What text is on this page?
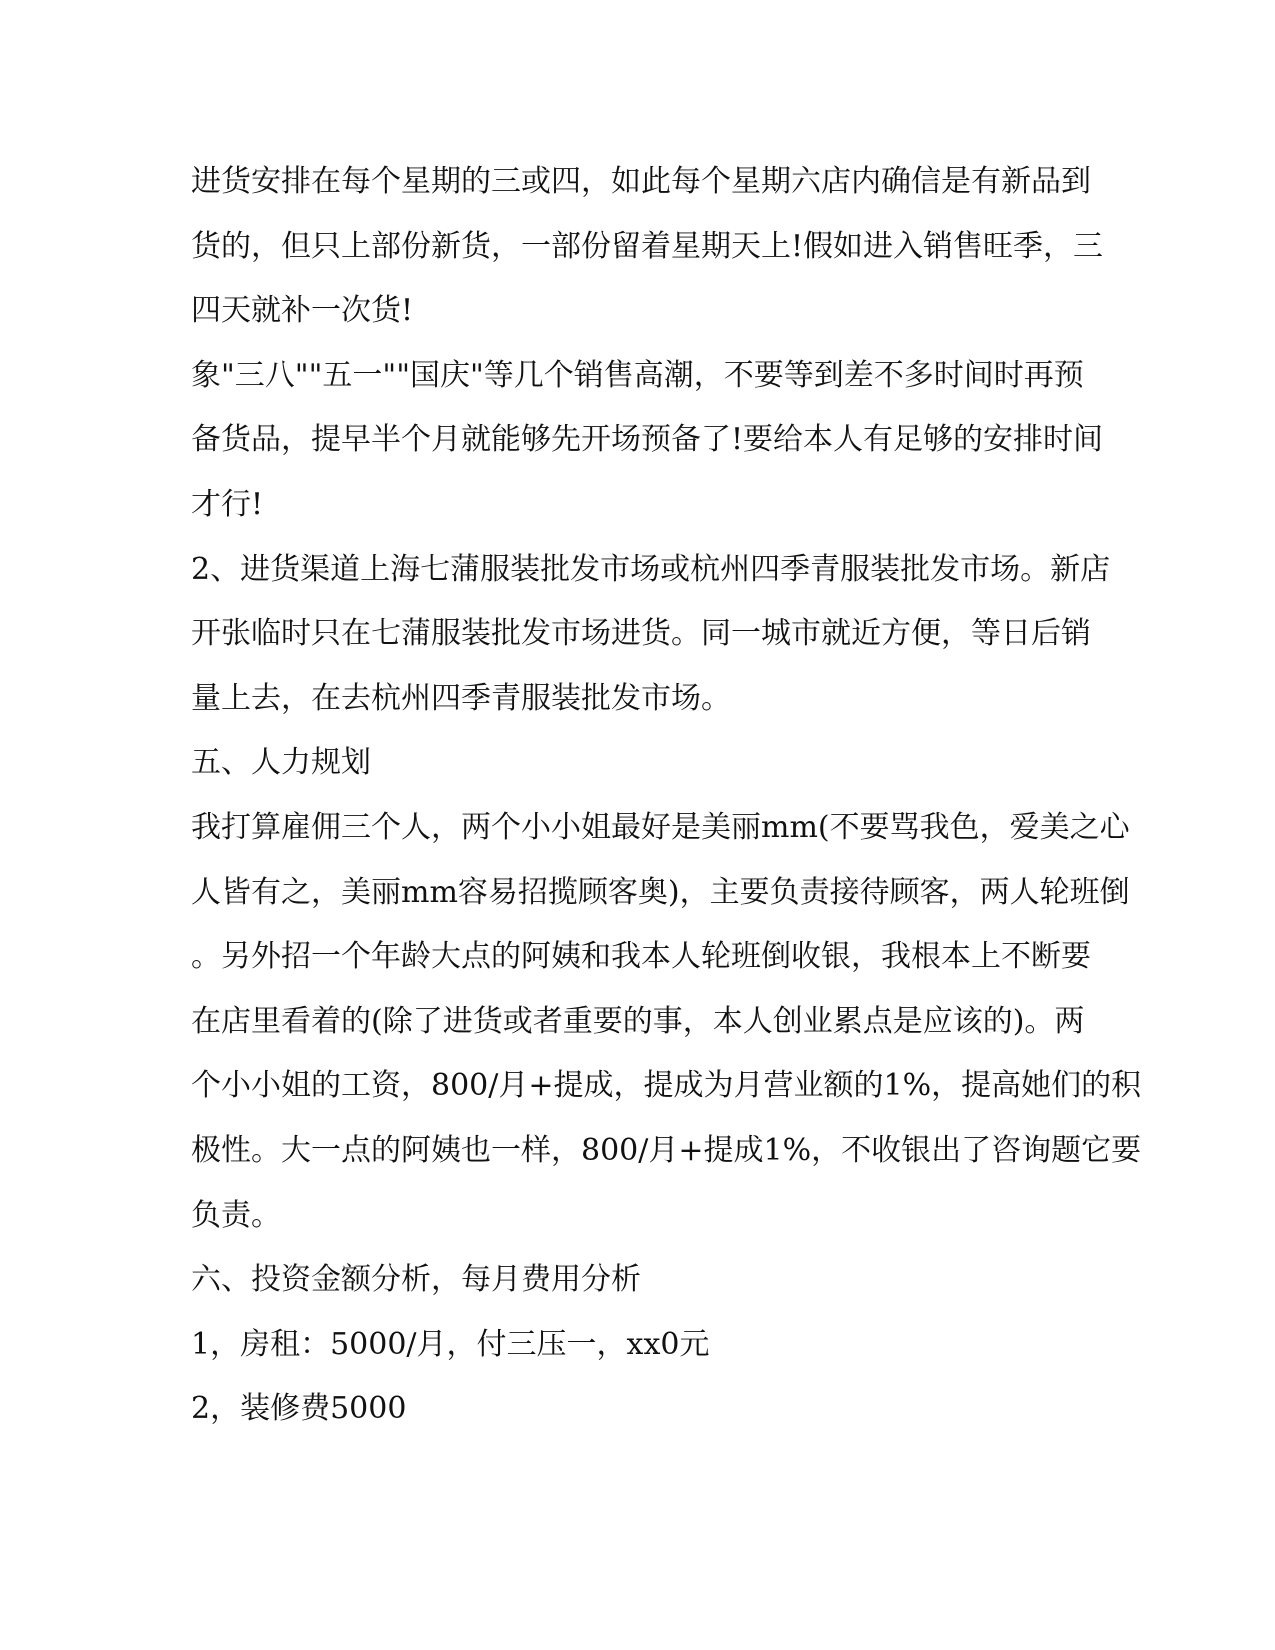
进货安排在每个星期的三或四，如此每个星期六店内确信是有新品到
货的，但只上部份新货，一部份留着星期天上!假如进入销售旺季，三
四天就补一次货!
象"三八""五一""国庆"等几个销售高潮，不要等到差不多时间时再预
备货品，提早半个月就能够先开场预备了!要给本人有足够的安排时间
才行!
2、进货渠道上海七蒲服装批发市场或杭州四季青服装批发市场。新店
开张临时只在七蒲服装批发市场进货。同一城市就近方便，等日后销
量上去，在去杭州四季青服装批发市场。
五、人力规划
我打算雇佣三个人，两个小小姐最好是美丽mm(不要骂我色，爱美之心
人皆有之，美丽mm容易招揽顾客奥)，主要负责接待顾客，两人轮班倒
。另外招一个年龄大点的阿姨和我本人轮班倒收银，我根本上不断要
在店里看着的(除了进货或者重要的事，本人创业累点是应该的)。两
个小小姐的工资，800/月+提成，提成为月营业额的1%，提高她们的积
极性。大一点的阿姨也一样，800/月+提成1%，不收银出了咨询题它要
负责。
六、投资金额分析，每月费用分析
1，房租：5000/月，付三压一，xx0元
2，装修费5000
